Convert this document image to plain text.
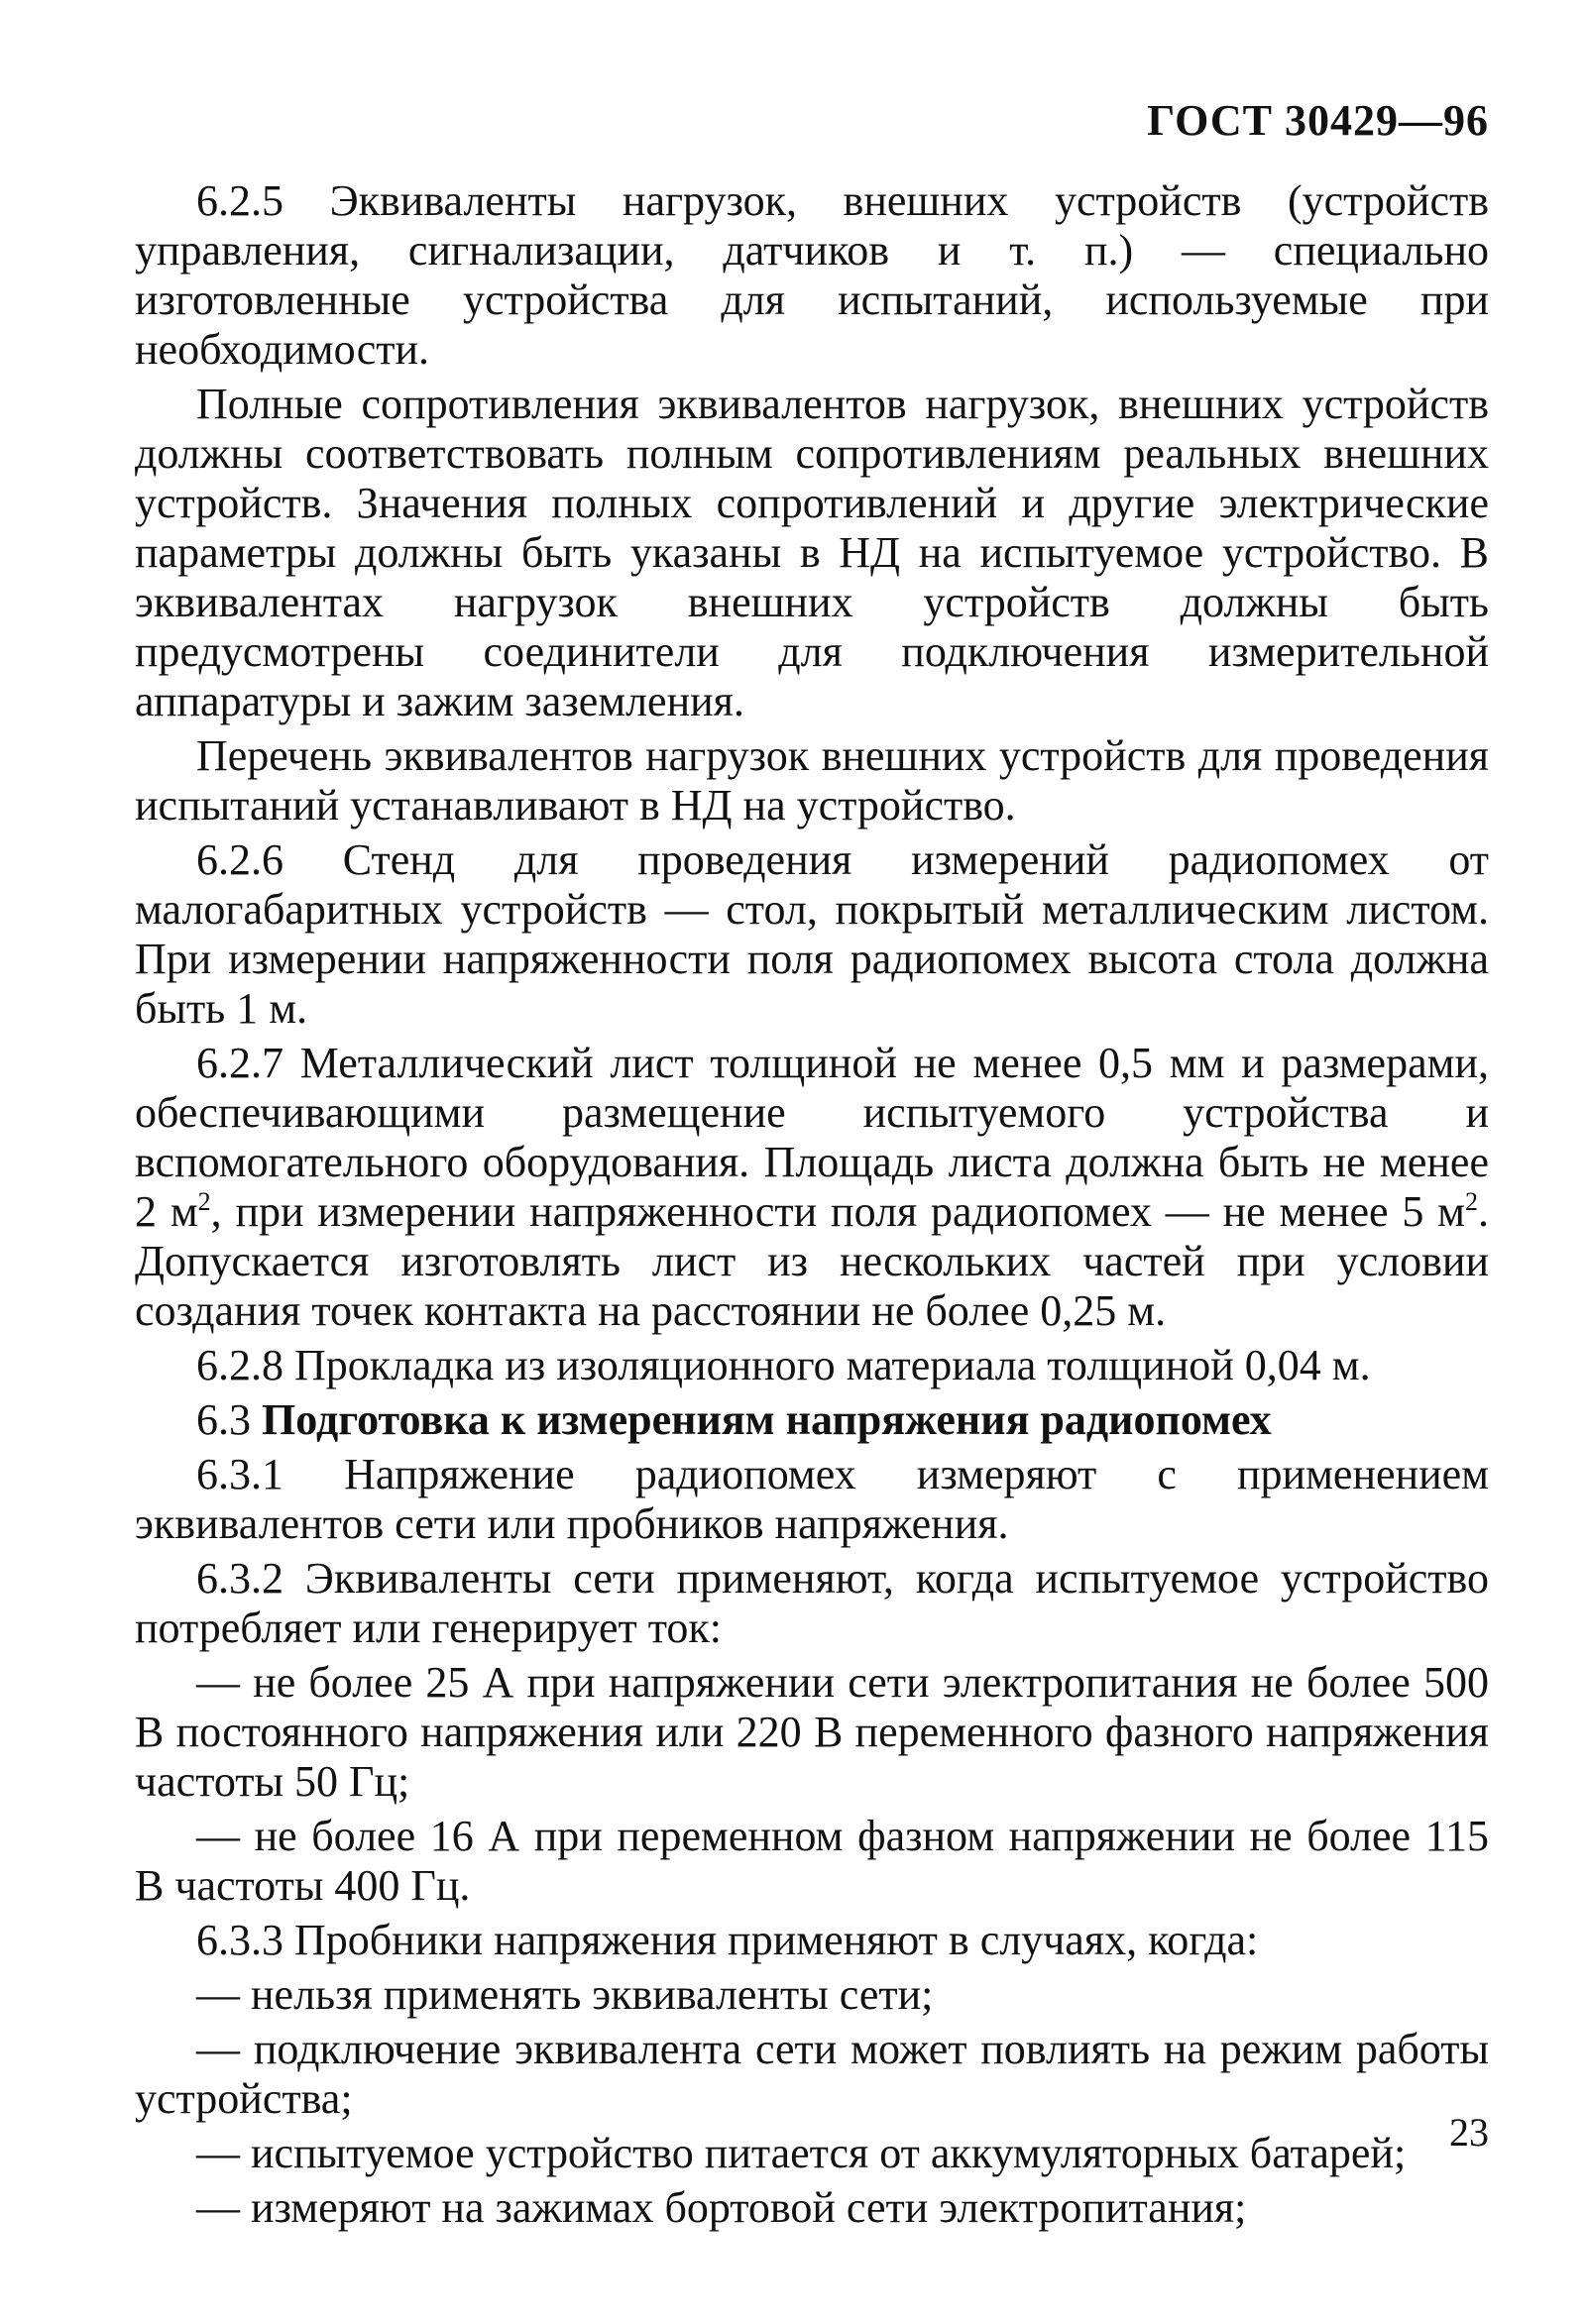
ГОСТ 30429—96

6.2.5 Эквиваленты нагрузок, внешних устройств (устройств управления, сигнализации, датчиков и т. п.) — специально изготовленные устройства для испытаний, используемые при необходимости.

Полные сопротивления эквивалентов нагрузок, внешних устройств должны соответствовать полным сопротивлениям реальных внешних устройств. Значения полных сопротивлений и другие электрические параметры должны быть указаны в НД на испытуемое устройство. В эквивалентах нагрузок внешних устройств должны быть предусмотрены соединители для подключения измерительной аппаратуры и зажим заземления.

Перечень эквивалентов нагрузок внешних устройств для проведения испытаний устанавливают в НД на устройство.

6.2.6 Стенд для проведения измерений радиопомех от малогабаритных устройств — стол, покрытый металлическим листом. При измерении напряженности поля радиопомех высота стола должна быть 1 м.

6.2.7 Металлический лист толщиной не менее 0,5 мм и размерами, обеспечивающими размещение испытуемого устройства и вспомогательного оборудования. Площадь листа должна быть не менее 2 $м^2$, при измерении напряженности поля радиопомех — не менее 5 $м^2$. Допускается изготовлять лист из нескольких частей при условии создания точек контакта на расстоянии не более 0,25 м.

6.2.8 Прокладка из изоляционного материала толщиной 0,04 м.

6.3 Подготовка к измерениям напряжения радиопомех

6.3.1 Напряжение радиопомех измеряют с применением эквивалентов сети или пробников напряжения.

6.3.2 Эквиваленты сети применяют, когда испытуемое устройство потребляет или генерирует ток:

— не более 25 А при напряжении сети электропитания не более 500 В постоянного напряжения или 220 В переменного фазного напряжения частоты 50 Гц;

— не более 16 А при переменном фазном напряжении не более 115 В частоты 400 Гц.

6.3.3 Пробники напряжения применяют в случаях, когда:

— нельзя применять эквиваленты сети;

— подключение эквивалента сети может повлиять на режим работы устройства;

— испытуемое устройство питается от аккумуляторных батарей;

— измеряют на зажимах бортовой сети электропитания;

23
